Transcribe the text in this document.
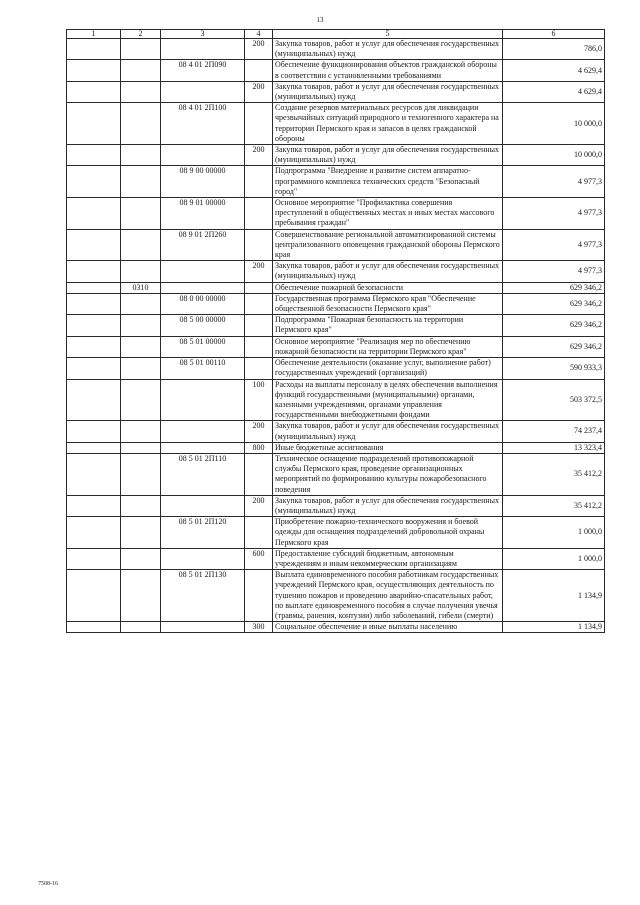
13
1	2	3	4	5	6
			200	Закупка товаров, работ и услуг для обеспечения государственных (муниципальных) нужд	786,0
		08 4 01 2П090		Обеспечение функционирования объектов гражданской обороны в соответствии с установленными требованиями	4 629,4
			200	Закупка товаров, работ и услуг для обеспечения государственных (муниципальных) нужд	4 629,4
		08 4 01 2П100		Создание резервов материальных ресурсов для ликвидации чрезвычайных ситуаций природного и техногенного характера на территории Пермского края и запасов в целях гражданской обороны	10 000,0
			200	Закупка товаров, работ и услуг для обеспечения государственных (муниципальных) нужд	10 000,0
		08 9 00 00000		Подпрограмма "Внедрение и развитие систем аппаратно-программного комплекса технических средств "Безопасный город"	4 977,3
		08 9 01 00000		Основное мероприятие "Профилактика совершения преступлений в общественных местах и иных местах массового пребывания граждан"	4 977,3
		08 9 01 2П260		Совершенствование региональной автоматизированной системы централизованного оповещения гражданской обороны Пермского края	4 977,3
			200	Закупка товаров, работ и услуг для обеспечения государственных (муниципальных) нужд	4 977,3
	0310			Обеспечение пожарной безопасности	629 346,2
		08 0 00 00000		Государственная программа Пермского края "Обеспечение общественной безопасности Пермского края"	629 346,2
		08 5 00 00000		Подпрограмма "Пожарная безопасность на территории Пермского края"	629 346,2
		08 5 01 00000		Основное мероприятие "Реализация мер по обеспечению пожарной безопасности на территории Пермского края"	629 346,2
		08 5 01 00110		Обеспечение деятельности (оказание услуг, выполнение работ) государственных учреждений (организаций)	590 933,3
			100	Расходы на выплаты персоналу в целях обеспечения выполнения функций государственными (муниципальными) органами, казенными учреждениями, органами управления государственными внебюджетными фондами	503 372,5
			200	Закупка товаров, работ и услуг для обеспечения государственных (муниципальных) нужд	74 237,4
			800	Иные бюджетные ассигнования	13 323,4
		08 5 01 2П110		Техническое оснащение подразделений противопожарной службы Пермского края, проведение организационных мероприятий по формированию культуры пожаробезопасного поведения	35 412,2
			200	Закупка товаров, работ и услуг для обеспечения государственных (муниципальных) нужд	35 412,2
		08 5 01 2П120		Приобретение пожарно-технического вооружения и боевой одежды для оснащения подразделений добровольной охраны Пермского края	1 000,0
			600	Предоставление субсидий бюджетным, автономным учреждениям и иным некоммерческим организациям	1 000,0
		08 5 01 2П130		Выплата единовременного пособия работникам государственных учреждений Пермского края, осуществляющих деятельность по тушению пожаров и проведению аварийно-спасательных работ, по выплате единовременного пособия в случае получения увечья (травмы, ранения, контузии) либо заболеваний, гибели (смерти)	1 134,9
			300	Социальное обеспечение и иные выплаты населению	1 134,9
7508-16
